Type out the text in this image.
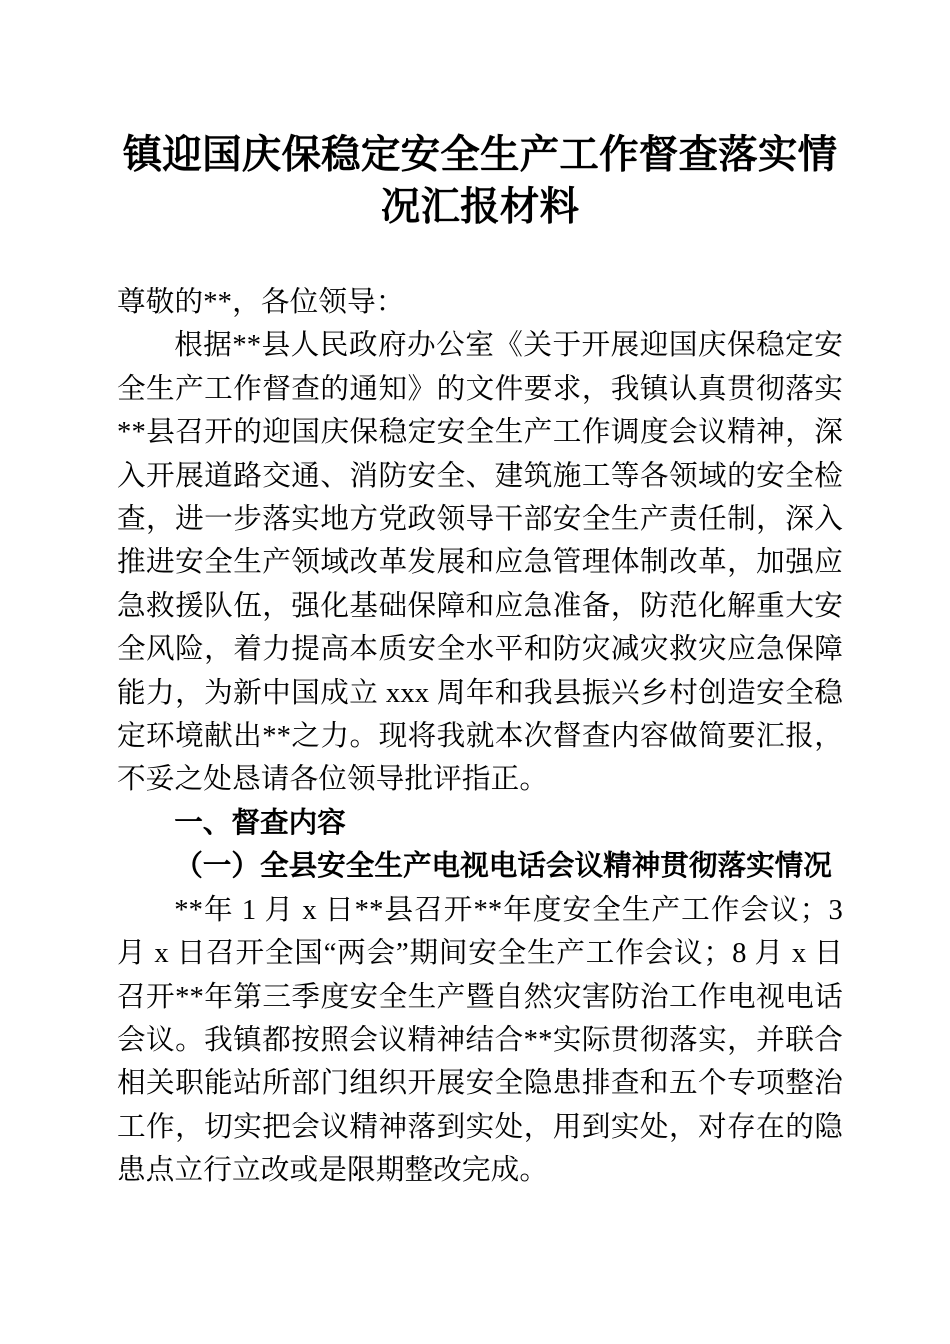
镇迎国庆保稳定安全生产工作督查落实情况汇报材料

尊敬的**，各位领导：

根据**县人民政府办公室《关于开展迎国庆保稳定安全生产工作督查的通知》的文件要求，我镇认真贯彻落实**县召开的迎国庆保稳定安全生产工作调度会议精神，深入开展道路交通、消防安全、建筑施工等各领域的安全检查，进一步落实地方党政领导干部安全生产责任制，深入推进安全生产领域改革发展和应急管理体制改革，加强应急救援队伍，强化基础保障和应急准备，防范化解重大安全风险，着力提高本质安全水平和防灾减灾救灾应急保障能力，为新中国成立 xxx 周年和我县振兴乡村创造安全稳定环境献出**之力。现将我就本次督查内容做简要汇报，不妥之处恳请各位领导批评指正。

一、督查内容

（一）全县安全生产电视电话会议精神贯彻落实情况

**年 1 月 x 日**县召开**年度安全生产工作会议；3 月 x 日召开全国“两会”期间安全生产工作会议；8 月 x 日召开**年第三季度安全生产暨自然灾害防治工作电视电话会议。我镇都按照会议精神结合**实际贯彻落实，并联合相关职能站所部门组织开展安全隐患排查和五个专项整治工作，切实把会议精神落到实处，用到实处，对存在的隐患点立行立改或是限期整改完成。
